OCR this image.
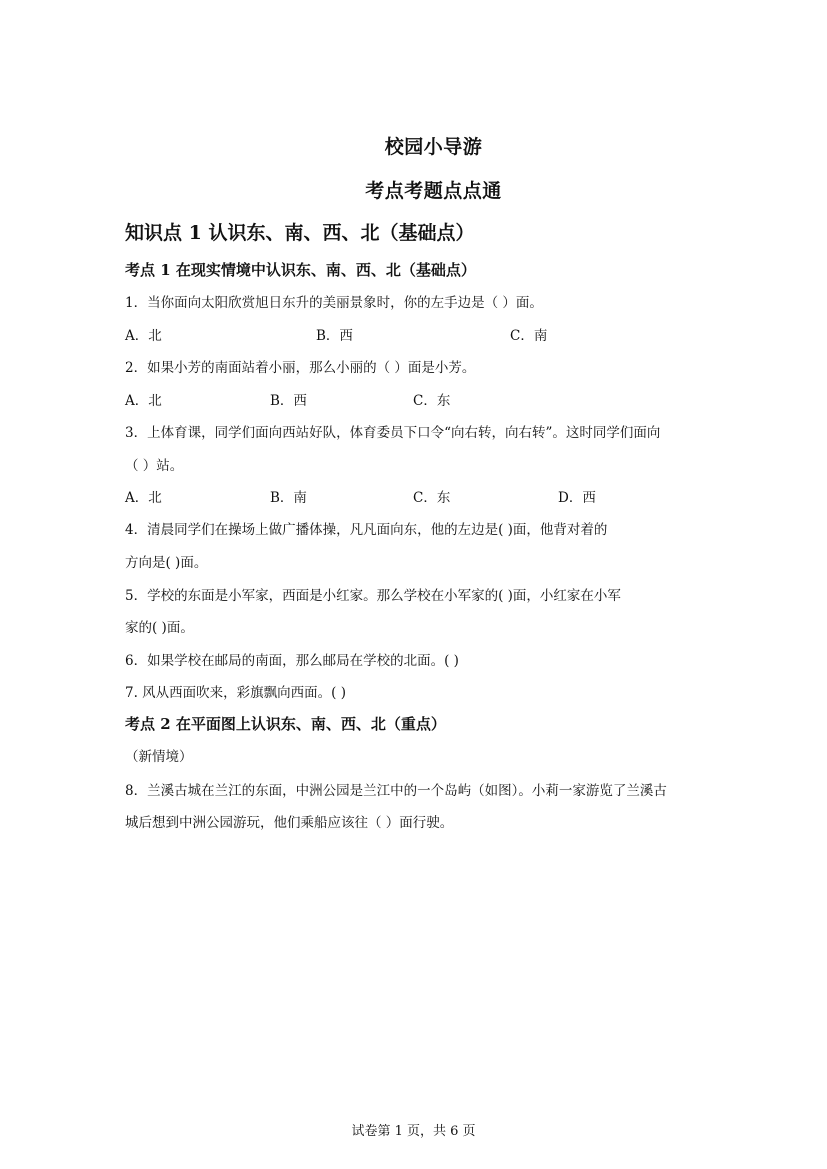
校园小导游
考点考题点点通
知识点 1 认识东、南、西、北（基础点）
考点 1 在现实情境中认识东、南、西、北（基础点）
1．当你面向太阳欣赏旭日东升的美丽景象时，你的左手边是（ ）面。
A．北	B．西	C．南
2．如果小芳的南面站着小丽，那么小丽的（ ）面是小芳。
A．北	B．西	C．东
3．上体育课，同学们面向西站好队，体育委员下口令“向右转，向右转”。这时同学们面向
（ ）站。
A．北	B．南	C．东	D．西
4．清晨同学们在操场上做广播体操，凡凡面向东，他的左边是( )面，他背对着的
方向是( )面。
5．学校的东面是小军家，西面是小红家。那么学校在小军家的( )面，小红家在小军
家的( )面。
6．如果学校在邮局的南面，那么邮局在学校的北面。( )
7. 风从西面吹来，彩旗飘向西面。( )
考点 2 在平面图上认识东、南、西、北（重点）
（新情境）
8．兰溪古城在兰江的东面，中洲公园是兰江中的一个岛屿（如图）。小莉一家游览了兰溪古
城后想到中洲公园游玩，他们乘船应该往（ ）面行驶。
试卷第 1 页，共 6 页
